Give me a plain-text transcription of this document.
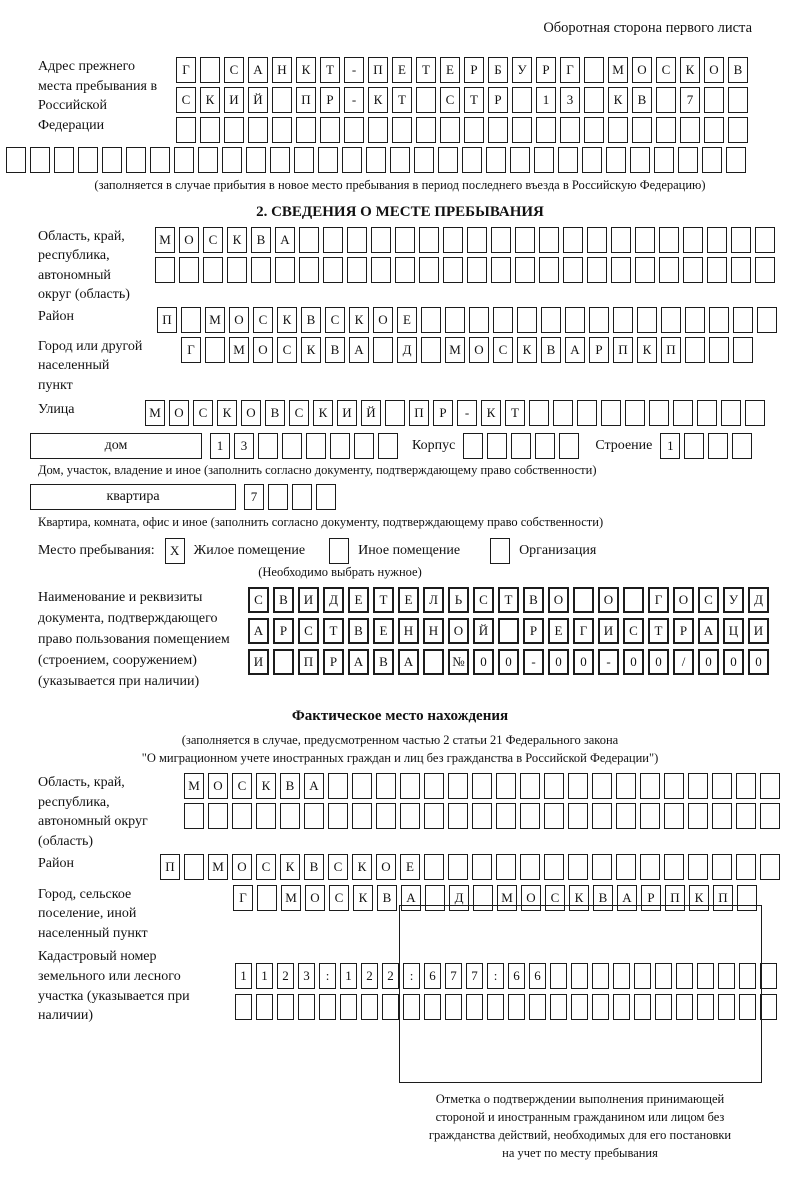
Оборотная сторона первого листа
Адрес прежнего места пребывания в Российской Федерации
Г	С	А	Н	К	Т	-	П	Е	Т	Е	Р	Б	У	Р	Г	М	О	С	К	О	В
С	К	И	Й	П	Р	-	К	Т	С	Т	Р	1	3	К	В	7
(заполняется в случае прибытия в новое место пребывания в период последнего въезда в Российскую Федерацию)
2. СВЕДЕНИЯ О МЕСТЕ ПРЕБЫВАНИЯ
Область, край, республика, автономный округ (область)
М	О	С	К	В	А
Район	П	М	О	С	К	В	С	К	О	Е
Город или другой населенный пункт
Г	М	О	С	К	В	А	Д	М	О	С	К	В	А	Р	П	К	П
Улица	М	О	С	К	О	В	С	К	И	Й	П	Р	-	К	Т
дом	1	3	Корпус	Строение	1
Дом, участок, владение и иное (заполнить согласно документу, подтверждающему право собственности)
квартира	7
Квартира, комната, офис и иное (заполнить согласно документу, подтверждающему право собственности)
Место пребывания:	X	Жилое помещение	Иное помещение	Организация
(Необходимо выбрать нужное)
Наименование и реквизиты документа, подтверждающего право пользования помещением (строением, сооружением) (указывается при наличии)
С	В	И	Д	Е	Т	Е	Л	Ь	С	Т	В	О	О	Г	О	С	У	Д
А	Р	С	Т	В	Е	Н	Н	О	Й	Р	Е	Г	И	С	Т	Р	А	Ц	И
И	П	Р	А	В	А	№	0	0	-	0	0	-	0	0	/	0	0	0
Фактическое место нахождения
(заполняется в случае, предусмотренном частью 2 статьи 21 Федерального закона
"О миграционном учете иностранных граждан и лиц без гражданства в Российской Федерации")
Область, край, республика, автономный округ (область)
М	О	С	К	В	А
Район	П	М	О	С	К	В	С	К	О	Е
Город, сельское поселение, иной населенный пункт
Г	М	О	С	К	В	А	Д	М	О	С	К	В	А	Р	П	К	П
Кадастровый номер земельного или лесного участка (указывается при наличии)
1	1	2	3	:	1	2	2	:	6	7	7	:	6	6
Отметка о подтверждении выполнения принимающей
стороной и иностранным гражданином или лицом без
гражданства действий, необходимых для его постановки
на учет по месту пребывания
